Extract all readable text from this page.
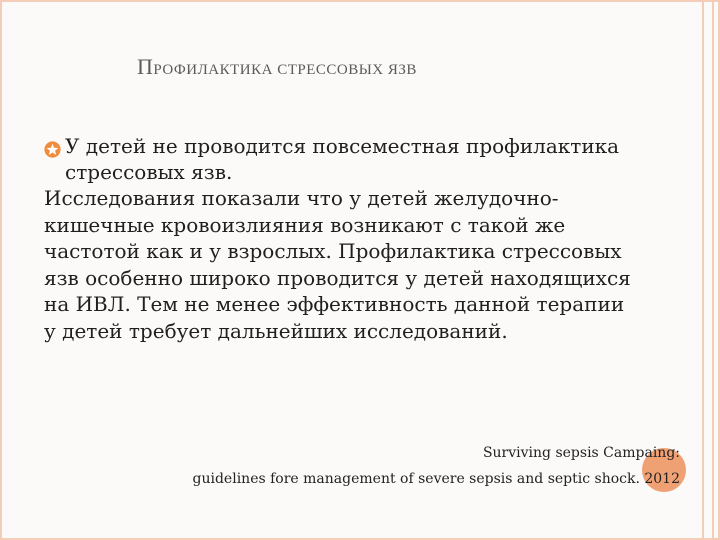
ПРОФИЛАКТИКА СТРЕССОВЫХ ЯЗВ
У детей не проводится повсеместная профилактика
стрессовых язв.
Исследования показали что у детей желудочно-
кишечные кровоизлияния возникают с такой же
частотой как и у взрослых. Профилактика стрессовых
язв особенно широко проводится у детей находящихся
на ИВЛ. Тем не менее эффективность данной терапии
у детей требует дальнейших исследований.
Surviving sepsis Campaing:
guidelines fore management of severe sepsis and septic shock. 2012
